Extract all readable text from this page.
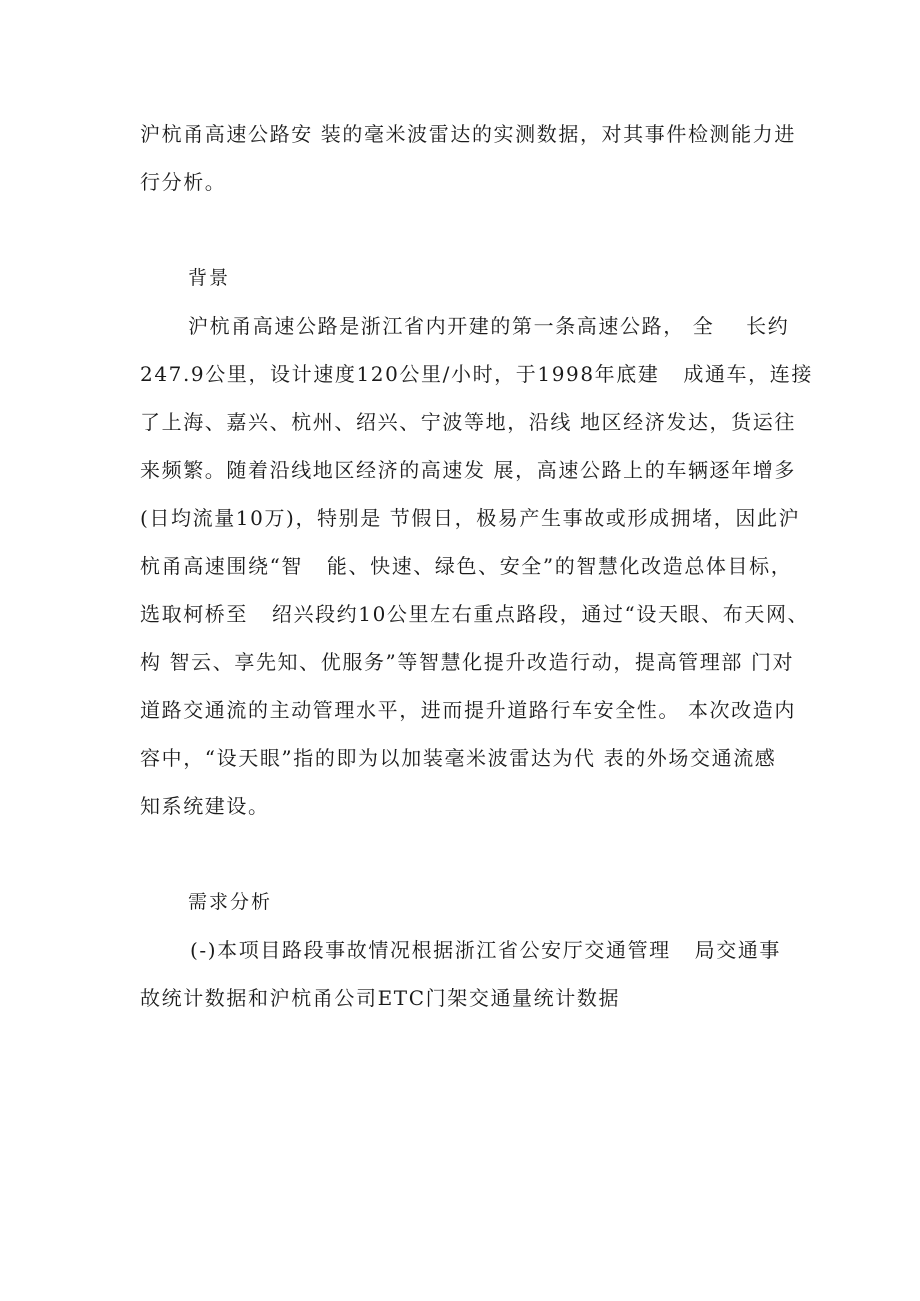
沪杭甬高速公路安 装的毫米波雷达的实测数据，对其事件检测能力进
行分析。
背景
沪杭甬高速公路是浙江省内开建的第一条高速公路， 全    长约
247.9公里，设计速度120公里/小时，于1998年底建   成通车，连接
了上海、嘉兴、杭州、绍兴、宁波等地，沿线 地区经济发达，货运往
来频繁。随着沿线地区经济的高速发 展，高速公路上的车辆逐年增多
(日均流量10万)，特别是 节假日，极易产生事故或形成拥堵，因此沪
杭甬高速围绕“智   能、快速、绿色、安全”的智慧化改造总体目标，
选取柯桥至   绍兴段约10公里左右重点路段，通过“设天眼、布天网、
构 智云、享先知、优服务”等智慧化提升改造行动，提高管理部 门对
道路交通流的主动管理水平，进而提升道路行车安全性。 本次改造内
容中，“设天眼”指的即为以加装毫米波雷达为代 表的外场交通流感
知系统建设。
需求分析
(-)本项目路段事故情况根据浙江省公安厅交通管理   局交通事
故统计数据和沪杭甬公司ETC门架交通量统计数据
